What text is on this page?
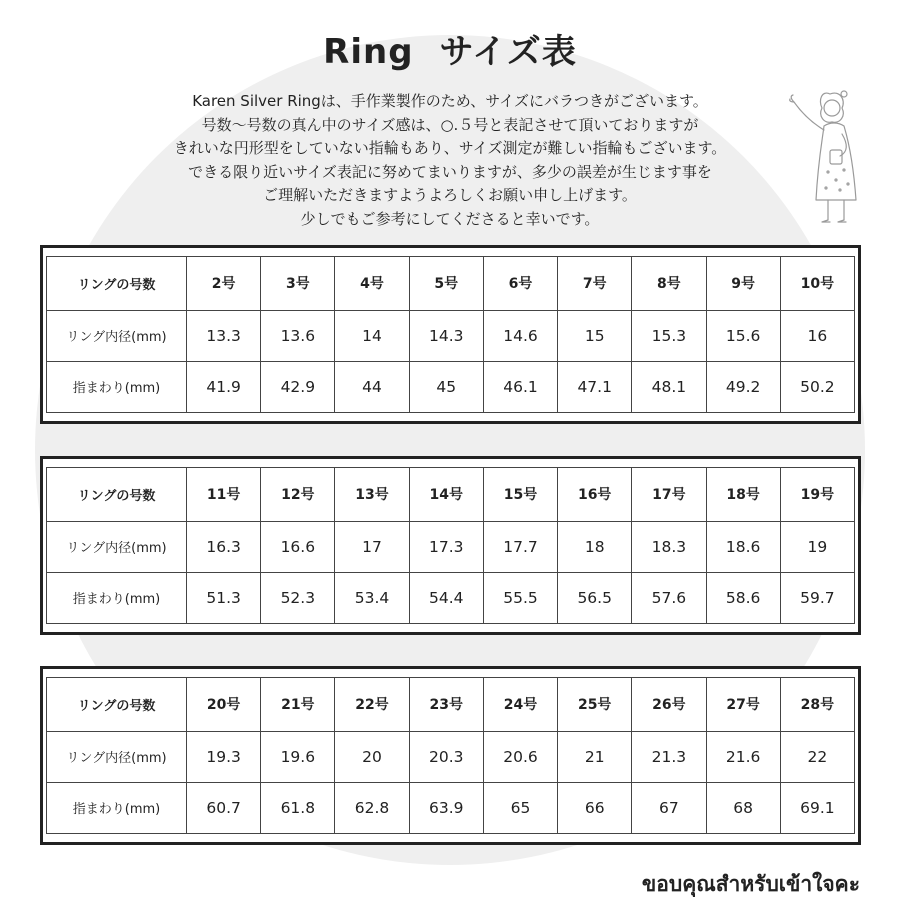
Ring サイズ表

Karen Silver Ringは、手作業製作のため、サイズにバラつきがございます。

号数〜号数の真ん中のサイズ感は、○.５号と表記させて頂いておりますが

きれいな円形型をしていない指輪もあり、サイズ測定が難しい指輪もございます。

できる限り近いサイズ表記に努めてまいりますが、多少の誤差が生じます事を

ご理解いただきますようよろしくお願い申し上げます。

少しでもご参考にしてくださると幸いです。

リングの号数	2号	3号	4号	5号	6号	7号	8号	9号	10号
リング内径(mm)	13.3	13.6	14	14.3	14.6	15	15.3	15.6	16
指まわり(mm)	41.9	42.9	44	45	46.1	47.1	48.1	49.2	50.2
リングの号数	11号	12号	13号	14号	15号	16号	17号	18号	19号
リング内径(mm)	16.3	16.6	17	17.3	17.7	18	18.3	18.6	19
指まわり(mm)	51.3	52.3	53.4	54.4	55.5	56.5	57.6	58.6	59.7
リングの号数	20号	21号	22号	23号	24号	25号	26号	27号	28号
リング内径(mm)	19.3	19.6	20	20.3	20.6	21	21.3	21.6	22
指まわり(mm)	60.7	61.8	62.8	63.9	65	66	67	68	69.1
ขอบคุณสำหรับเข้าใจคะ
